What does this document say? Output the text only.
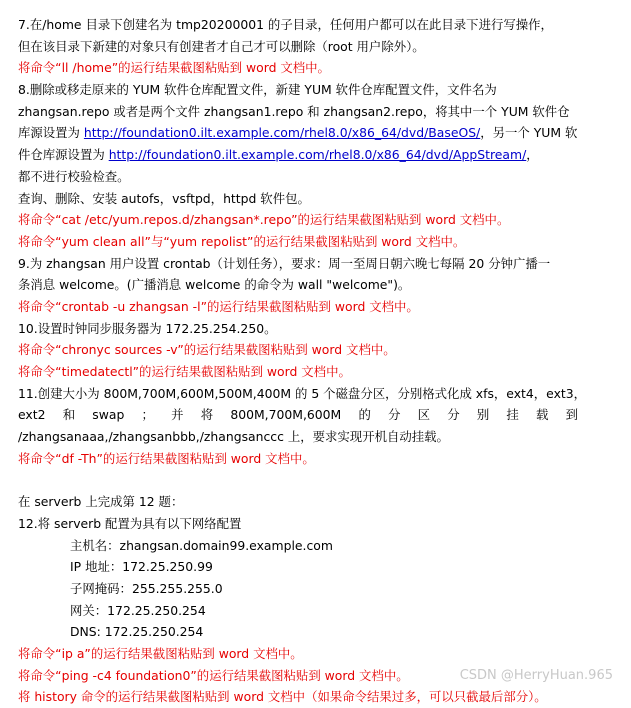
7.在/home 目录下创建名为 tmp20200001 的子目录，任何用户都可以在此目录下进行写操作，
但在该目录下新建的对象只有创建者才自己才可以删除（root 用户除外）。
将命令“ll /home”的运行结果截图粘贴到 word 文档中。
8.删除或移走原来的 YUM 软件仓库配置文件，新建 YUM 软件仓库配置文件，文件名为
zhangsan.repo 或者是两个文件 zhangsan1.repo 和 zhangsan2.repo，将其中一个 YUM 软件仓
库源设置为 http://foundation0.ilt.example.com/rhel8.0/x86_64/dvd/BaseOS/，另一个 YUM 软
件仓库源设置为 http://foundation0.ilt.example.com/rhel8.0/x86_64/dvd/AppStream/，
都不进行校验检查。
查询、删除、安装 autofs，vsftpd，httpd 软件包。
将命令“cat /etc/yum.repos.d/zhangsan*.repo”的运行结果截图粘贴到 word 文档中。
将命令“yum clean all”与“yum repolist”的运行结果截图粘贴到 word 文档中。
9.为 zhangsan 用户设置 crontab（计划任务），要求：周一至周日朝六晚七每隔 20 分钟广播一
条消息 welcome。(广播消息 welcome 的命令为 wall "welcome")。
将命令“crontab -u zhangsan -l”的运行结果截图粘贴到 word 文档中。
10.设置时钟同步服务器为 172.25.254.250。
将命令“chronyc sources -v”的运行结果截图粘贴到 word 文档中。
将命令“timedatectl”的运行结果截图粘贴到 word 文档中。
11.创建大小为 800M,700M,600M,500M,400M 的 5 个磁盘分区，分别格式化成 xfs，ext4，ext3，
ext2 和 swap ； 并 将 800M,700M,600M 的 分 区 分 别 挂 载 到
/zhangsanaaa,/zhangsanbbb,/zhangsanccc 上，要求实现开机自动挂载。
将命令“df -Th”的运行结果截图粘贴到 word 文档中。
在 serverb 上完成第 12 题：
12.将 serverb 配置为具有以下网络配置
主机名：zhangsan.domain99.example.com
IP 地址：172.25.250.99
子网掩码：255.255.255.0
网关：172.25.250.254
DNS: 172.25.250.254
将命令“ip a”的运行结果截图粘贴到 word 文档中。
将命令“ping -c4 foundation0”的运行结果截图粘贴到 word 文档中。
将 history 命令的运行结果截图粘贴到 word 文档中（如果命令结果过多，可以只截最后部分）。
CSDN @HerryHuan.965
